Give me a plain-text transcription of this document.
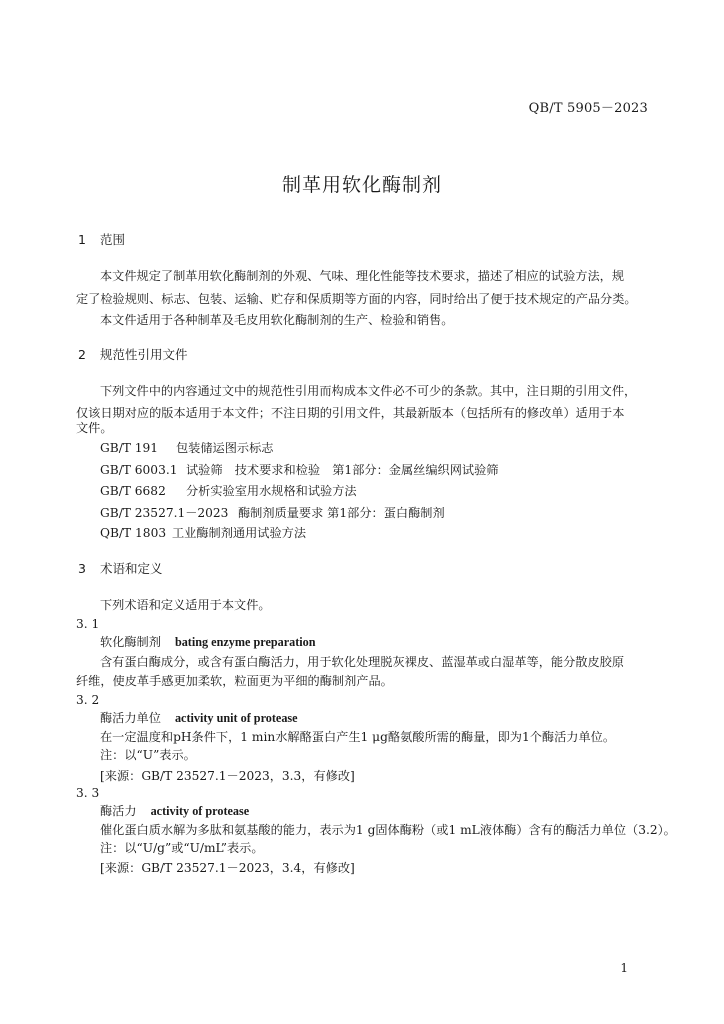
QB/T 5905－2023
制革用软化酶制剂
1 范围
本文件规定了制革用软化酶制剂的外观、气味、理化性能等技术要求，描述了相应的试验方法，规
定了检验规则、标志、包装、运输、贮存和保质期等方面的内容，同时给出了便于技术规定的产品分类。
本文件适用于各种制革及毛皮用软化酶制剂的生产、检验和销售。
2 规范性引用文件
下列文件中的内容通过文中的规范性引用而构成本文件必不可少的条款。其中，注日期的引用文件，
仅该日期对应的版本适用于本文件；不注日期的引用文件，其最新版本（包括所有的修改单）适用于本
文件。
GB/T 191 包装储运图示标志
GB/T 6003.1 试验筛　技术要求和检验　第1部分：金属丝编织网试验筛
GB/T 6682 分析实验室用水规格和试验方法
GB/T 23527.1－2023 酶制剂质量要求 第1部分：蛋白酶制剂
QB/T 1803 工业酶制剂通用试验方法
3 术语和定义
下列术语和定义适用于本文件。
3. 1
软化酶制剂 bating enzyme preparation
含有蛋白酶成分，或含有蛋白酶活力，用于软化处理脱灰裸皮、蓝湿革或白湿革等，能分散皮胶原
纤维，使皮革手感更加柔软，粒面更为平细的酶制剂产品。
3. 2
酶活力单位 activity unit of protease
在一定温度和pH条件下，1 min水解酪蛋白产生1 μg酪氨酸所需的酶量，即为1个酶活力单位。
注：以“U”表示。
[来源：GB/T 23527.1－2023，3.3，有修改]
3. 3
酶活力 activity of protease
催化蛋白质水解为多肽和氨基酸的能力，表示为1 g固体酶粉（或1 mL液体酶）含有的酶活力单位（3.2）。
注：以“U/g”或“U/mL”表示。
[来源：GB/T 23527.1－2023，3.4，有修改]
1
